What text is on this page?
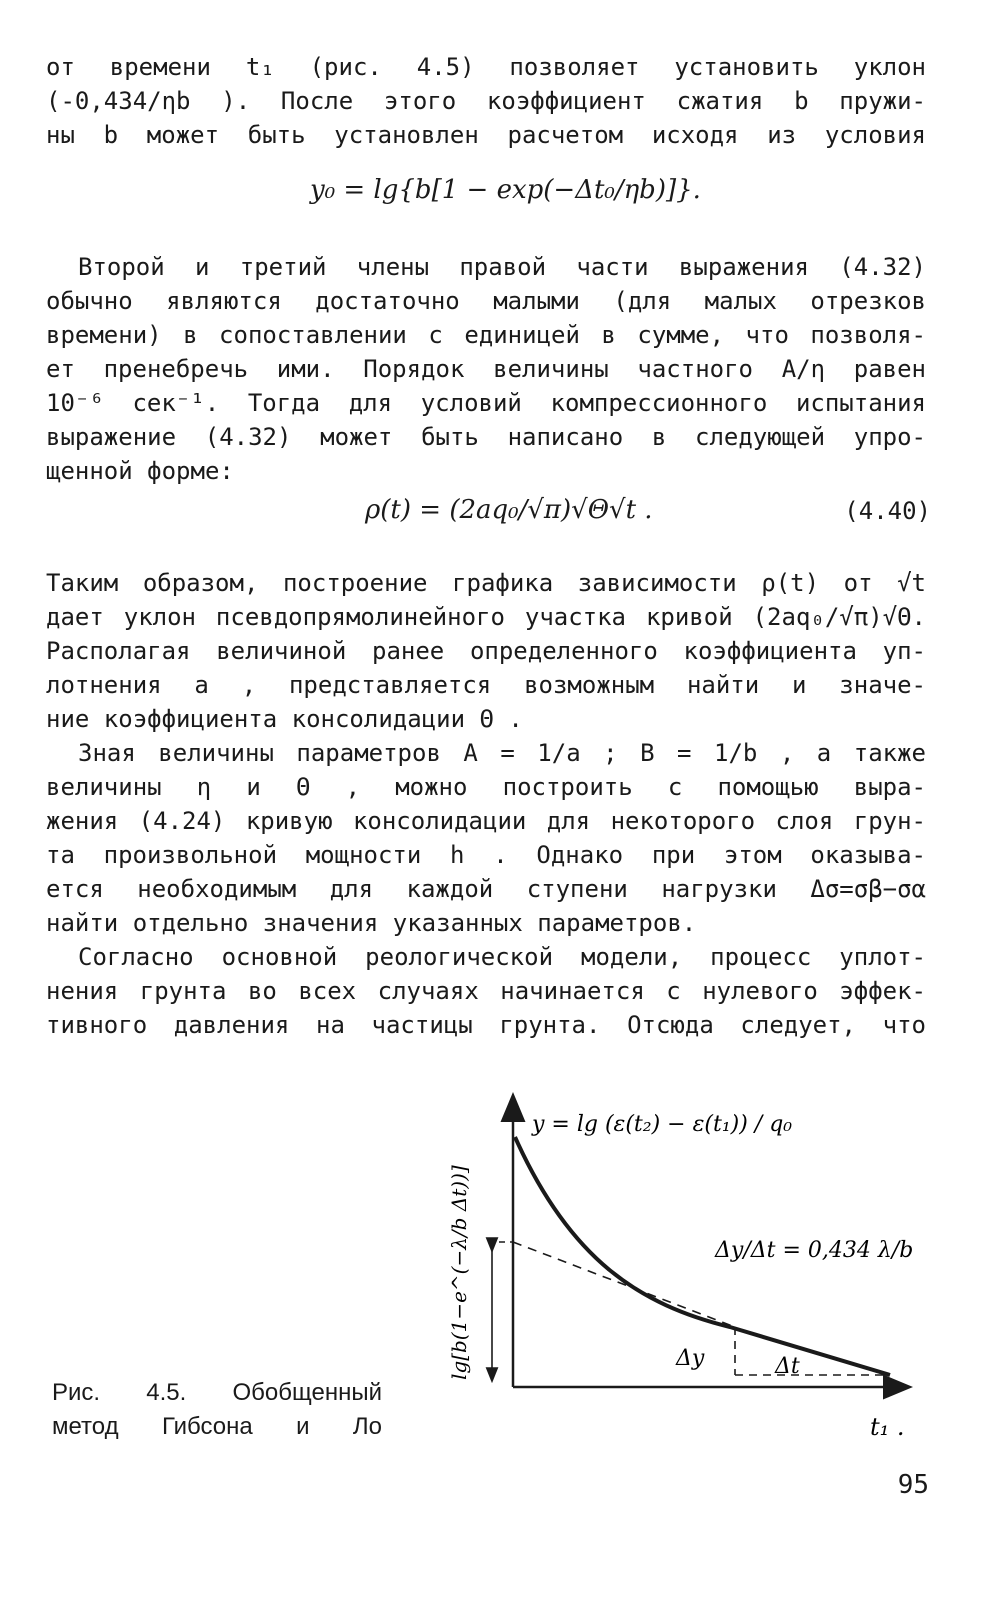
от времени t₁ (рис. 4.5) позволяет установить уклон
(-0,434/ηb ). После этого коэффициент сжатия b пружи-
ны b может быть установлен расчетом исходя из условия
y₀ = lg{b[1 − exp(−Δt₀/ηb)]}.
Второй и третий члены правой части выражения (4.32)
обычно являются достаточно малыми (для малых отрезков
времени) в сопоставлении с единицей в сумме, что позволя-
ет пренебречь ими. Порядок величины частного A/η равен
10⁻⁶ сек⁻¹. Тогда для условий компрессионного испытания
выражение (4.32) может быть написано в следующей упро-
щенной форме:
ρ(t) = (2aq₀/√π)√Θ√t .	(4.40)
Таким образом, построение графика зависимости ρ(t) от √t
дает уклон псевдопрямолинейного участка кривой (2aq₀/√π)√Θ.
Располагая величиной ранее определенного коэффициента уп-
лотнения a , представляется возможным найти и значе-
ние коэффициента консолидации Θ .
Зная величины параметров A = 1/a ; B = 1/b , а также
величины η и Θ , можно построить с помощью выра-
жения (4.24) кривую консолидации для некоторого слоя грун-
та произвольной мощности h . Однако при этом оказыва-
ется необходимым для каждой ступени нагрузки Δσ=σβ−σα
найти отдельно значения указанных параметров.
Согласно основной реологической модели, процесс уплот-
нения грунта во всех случаях начинается с нулевого эффек-
тивного давления на частицы грунта. Отсюда следует, что
y = lg (ε(t₂) − ε(t₁)) / q₀
t₁ .
lg[b(1−e^(−λ/b Δt))]	Δy/Δt = 0,434 λ/b
Δy	Δt
Рис. 4.5. Обобщенный
метод Гибсона и Ло
95
